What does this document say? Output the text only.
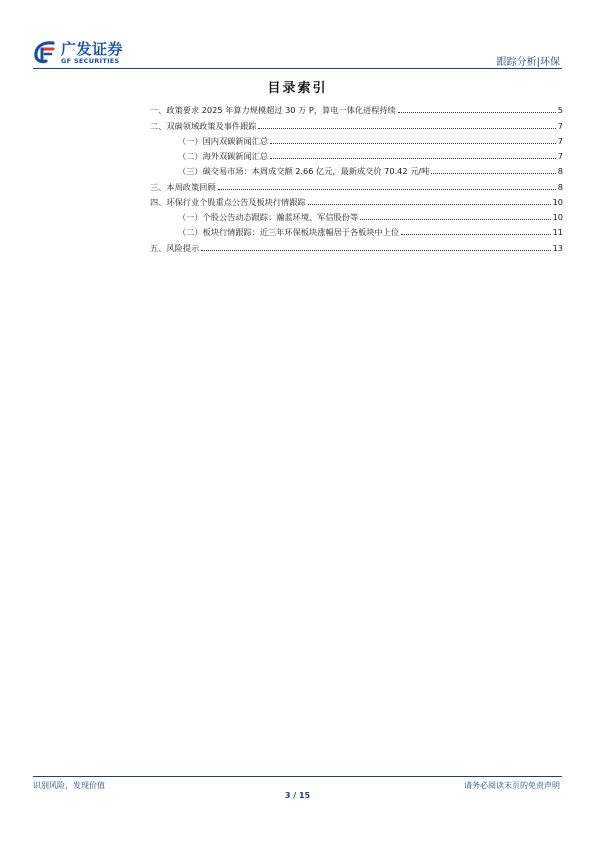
广发证券
GF SECURITIES	跟踪分析|环保
目录索引
一、政策要求 2025 年算力规模超过 30 万 P，算电一体化进程持续	5
二、双碳领域政策及事件跟踪	7
（一）国内双碳新闻汇总	7
（二）海外双碳新闻汇总	7
（三）碳交易市场：本周成交额 2.66 亿元，最新成交价 70.42 元/吨	8
三、本周政策回顾	8
四、环保行业个股重点公告及板块行情跟踪	10
（一）个股公告动态跟踪：瀚蓝环境、军信股份等	10
（二）板块行情跟踪：近三年环保板块涨幅居于各板块中上位	11
五、风险提示	13
识别风险，发现价值	请务必阅读末页的免责声明
3 / 15
